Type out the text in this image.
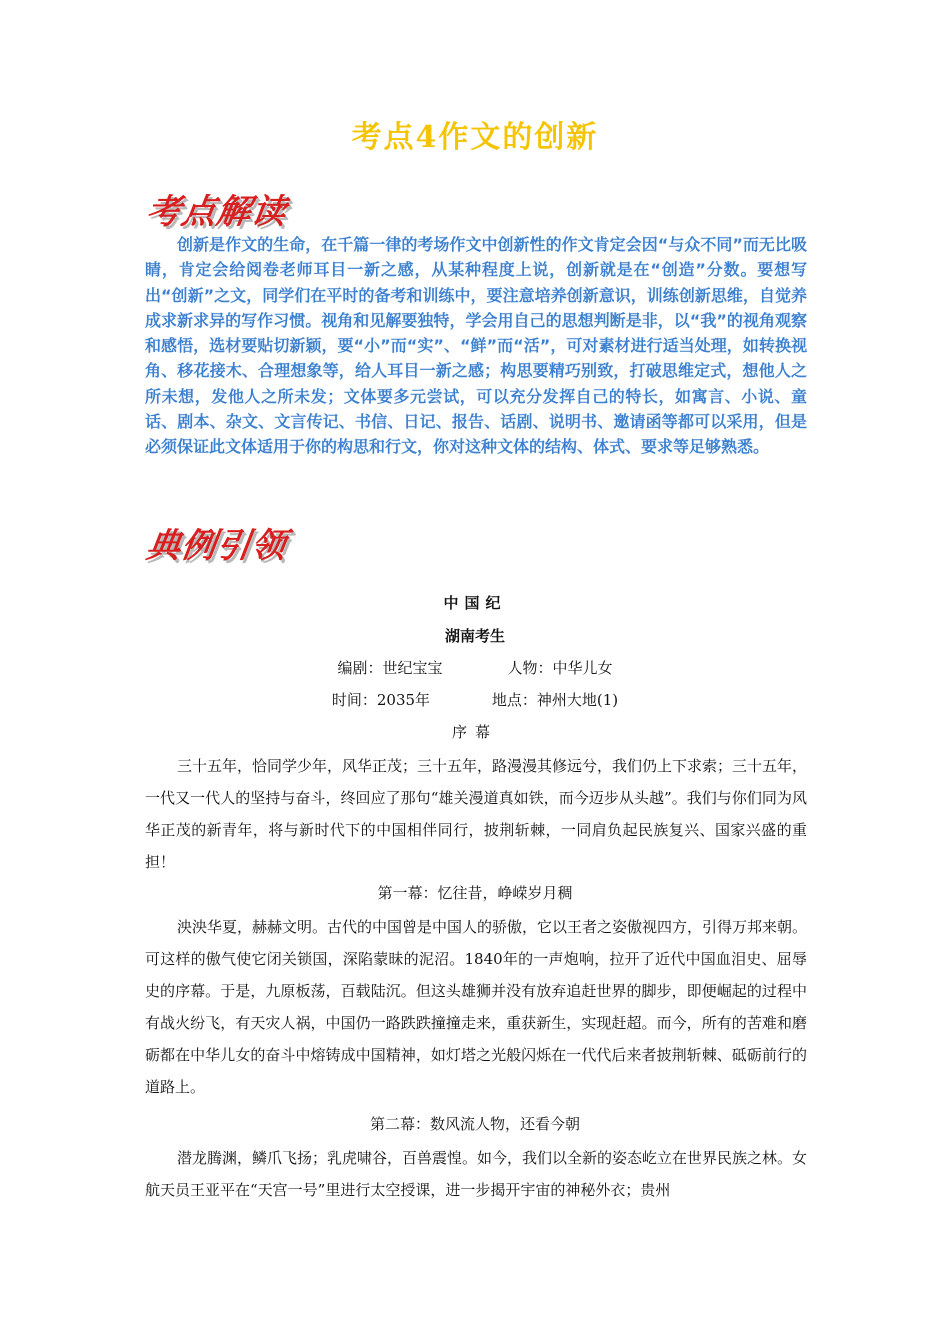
考点4作文的创新
考点解读

创新是作文的生命，在千篇一律的考场作文中创新性的作文肯定会因“与众不同”而无比吸睛，肯定会给阅卷老师耳目一新之感，从某种程度上说，创新就是在“创造”分数。要想写出“创新”之文，同学们在平时的备考和训练中，要注意培养创新意识，训练创新思维，自觉养成求新求异的写作习惯。视角和见解要独特，学会用自己的思想判断是非，以“我”的视角观察和感悟，选材要贴切新颖，要“小”而“实”、“鲜”而“活”，可对素材进行适当处理，如转换视角、移花接木、合理想象等，给人耳目一新之感；构思要精巧别致，打破思维定式，想他人之所未想，发他人之所未发；文体要多元尝试，可以充分发挥自己的特长，如寓言、小说、童话、剧本、杂文、文言传记、书信、日记、报告、话剧、说明书、邀请函等都可以采用，但是必须保证此文体适用于你的构思和行文，你对这种文体的结构、体式、要求等足够熟悉。

典例引领
中国纪
湖南考生
编剧：世纪宝宝	人物：中华儿女
时间：2035年	地点：神州大地(1)
序幕

三十五年，恰同学少年，风华正茂；三十五年，路漫漫其修远兮，我们仍上下求索；三十五年，一代又一代人的坚持与奋斗，终回应了那句“雄关漫道真如铁，而今迈步从头越”。我们与你们同为风华正茂的新青年，将与新时代下的中国相伴同行，披荆斩棘，一同肩负起民族复兴、国家兴盛的重担！

第一幕：忆往昔，峥嵘岁月稠

泱泱华夏，赫赫文明。古代的中国曾是中国人的骄傲，它以王者之姿傲视四方，引得万邦来朝。可这样的傲气使它闭关锁国，深陷蒙昧的泥沼。1840年的一声炮响，拉开了近代中国血泪史、屈辱史的序幕。于是，九原板荡，百载陆沉。但这头雄狮并没有放弃追赶世界的脚步，即便崛起的过程中有战火纷飞，有天灾人祸，中国仍一路跌跌撞撞走来，重获新生，实现赶超。而今，所有的苦难和磨砺都在中华儿女的奋斗中熔铸成中国精神，如灯塔之光般闪烁在一代代后来者披荆斩棘、砥砺前行的道路上。

第二幕：数风流人物，还看今朝

潜龙腾渊，鳞爪飞扬；乳虎啸谷，百兽震惶。如今，我们以全新的姿态屹立在世界民族之林。女航天员王亚平在“天宫一号”里进行太空授课，进一步揭开宇宙的神秘外衣；贵州
